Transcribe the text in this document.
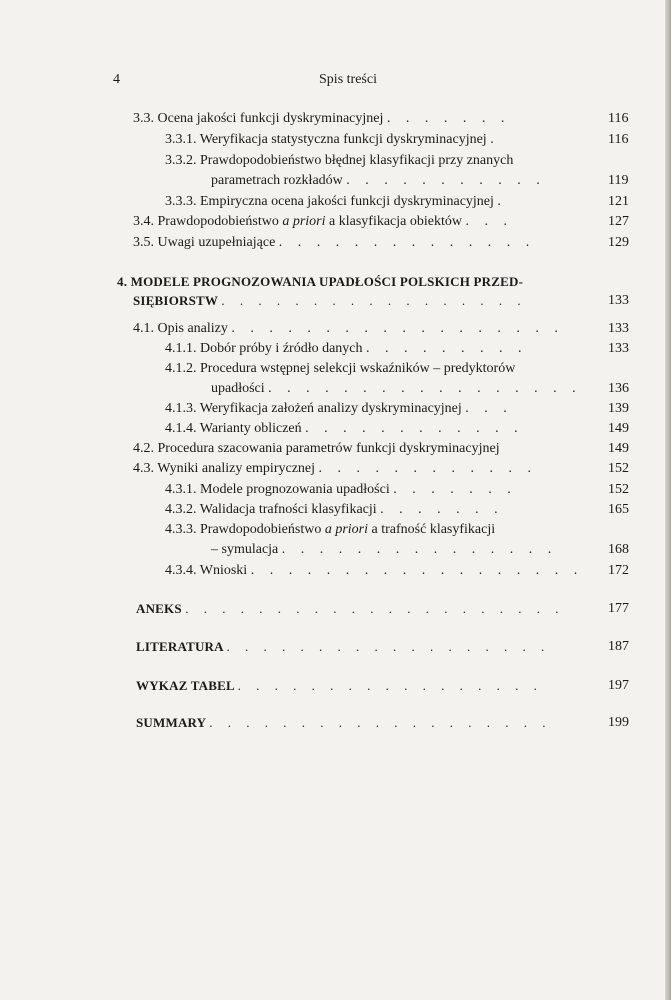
4	Spis treści
3.3. Ocena jakości funkcji dyskryminacyjnej . . . . . . .	116
3.3.1. Weryfikacja statystyczna funkcji dyskryminacyjnej .	116
3.3.2. Prawdopodobieństwo błędnej klasyfikacji przy znanych
parametrach rozkładów . . . . . . . . . . .	119
3.3.3. Empiryczna ocena jakości funkcji dyskryminacyjnej .	121
3.4. Prawdopodobieństwo a priori a klasyfikacja obiektów . . .	127
3.5. Uwagi uzupełniające . . . . . . . . . . . . . .	129
4. MODELE PROGNOZOWANIA UPADŁOŚCI POLSKICH PRZED-
SIĘBIORSTW . . . . . . . . . . . . . . . . .	133
4.1. Opis analizy . . . . . . . . . . . . . . . . . .	133
4.1.1. Dobór próby i źródło danych . . . . . . . . .	133
4.1.2. Procedura wstępnej selekcji wskaźników – predyktorów
upadłości . . . . . . . . . . . . . . . . . 136
4.1.3. Weryfikacja założeń analizy dyskryminacyjnej . . .	139
4.1.4. Warianty obliczeń . . . . . . . . . . . .	149
4.2. Procedura szacowania parametrów funkcji dyskryminacyjnej	149
4.3. Wyniki analizy empirycznej . . . . . . . . . . . .	152
4.3.1. Modele prognozowania upadłości . . . . . . .	152
4.3.2. Walidacja trafności klasyfikacji . . . . . . .	165
4.3.3. Prawdopodobieństwo a priori a trafność klasyfikacji
– symulacja . . . . . . . . . . . . . . .	168
4.3.4. Wnioski . . . . . . . . . . . . . . . . . . 172
ANEKS . . . . . . . . . . . . . . . . . . . . .	177
LITERATURA . . . . . . . . . . . . . . . . . .	187
WYKAZ TABEL . . . . . . . . . . . . . . . . .	197
SUMMARY . . . . . . . . . . . . . . . . . . .	199
